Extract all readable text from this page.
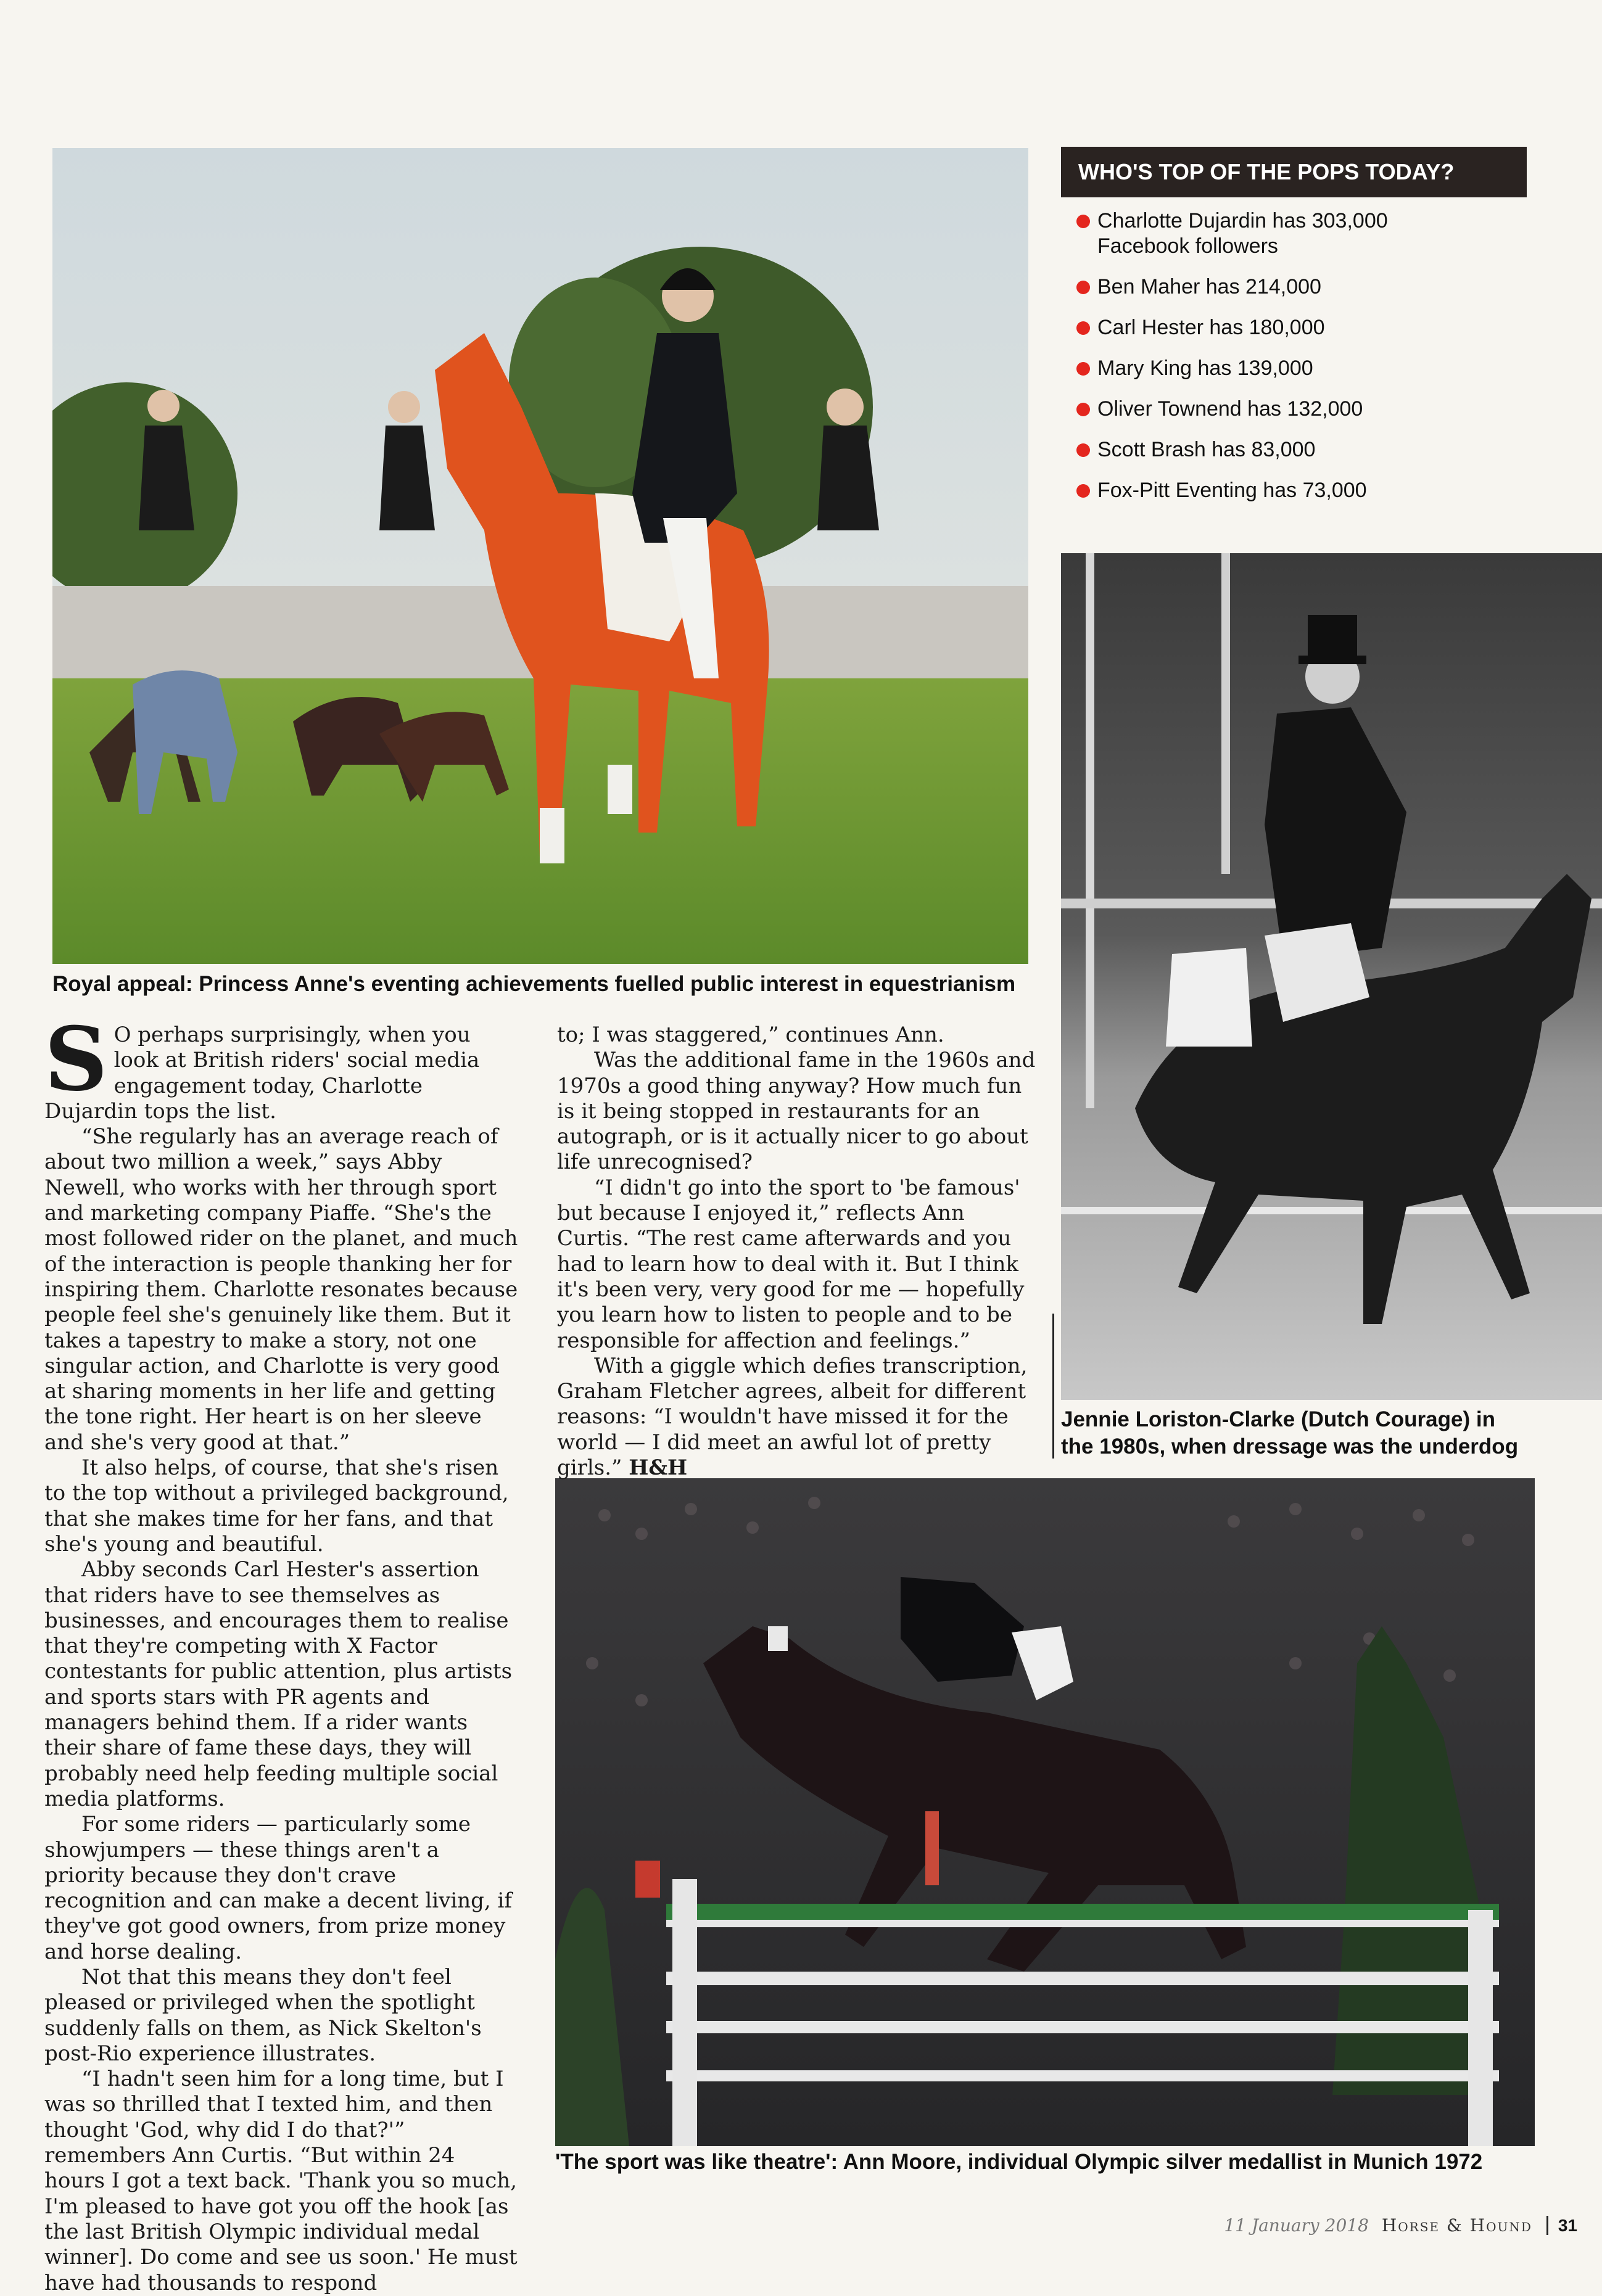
Royal appeal: Princess Anne's eventing achievements fuelled public interest in equestrianism
WHO'S TOP OF THE POPS TODAY?
Charlotte Dujardin has 303,000
Facebook followers
Ben Maher has 214,000
Carl Hester has 180,000
Mary King has 139,000
Oliver Townend has 132,000
Scott Brash has 83,000
Fox-Pitt Eventing has 73,000
Jennie Loriston-Clarke (Dutch Courage) in
the 1980s, when dressage was the underdog
'The sport was like theatre': Ann Moore, individual Olympic silver medallist in Munich 1972

S O perhaps surprisingly, when you look at British riders' social media engagement today, Charlotte Dujardin tops the list.

“She regularly has an average reach of about two million a week,” says Abby Newell, who works with her through sport and marketing company Piaffe. “She's the most followed rider on the planet, and much of the interaction is people thanking her for inspiring them. Charlotte resonates because people feel she's genuinely like them. But it takes a tapestry to make a story, not one singular action, and Charlotte is very good at sharing moments in her life and getting the tone right. Her heart is on her sleeve and she's very good at that.”

It also helps, of course, that she's risen to the top without a privileged background, that she makes time for her fans, and that she's young and beautiful.

Abby seconds Carl Hester's assertion that riders have to see themselves as businesses, and encourages them to realise that they're competing with X Factor contestants for public attention, plus artists and sports stars with PR agents and managers behind them. If a rider wants their share of fame these days, they will probably need help feeding multiple social media platforms.

For some riders — particularly some showjumpers — these things aren't a priority because they don't crave recognition and can make a decent living, if they've got good owners, from prize money and horse dealing.

Not that this means they don't feel pleased or privileged when the spotlight suddenly falls on them, as Nick Skelton's post-Rio experience illustrates.

“I hadn't seen him for a long time, but I was so thrilled that I texted him, and then thought 'God, why did I do that?'” remembers Ann Curtis. “But within 24 hours I got a text back. 'Thank you so much, I'm pleased to have got you off the hook [as the last British Olympic individual medal winner]. Do come and see us soon.' He must have had thousands to respond

to; I was staggered,” continues Ann.

Was the additional fame in the 1960s and 1970s a good thing anyway? How much fun is it being stopped in restaurants for an autograph, or is it actually nicer to go about life unrecognised?

“I didn't go into the sport to 'be famous' but because I enjoyed it,” reflects Ann Curtis. “The rest came afterwards and you had to learn how to deal with it. But I think it's been very, very good for me — hopefully you learn how to listen to people and to be responsible for affection and feelings.”

With a giggle which defies transcription, Graham Fletcher agrees, albeit for different reasons: “I wouldn't have missed it for the world — I did meet an awful lot of pretty girls.” H&H

11 January 2018 Horse & Hound 31
